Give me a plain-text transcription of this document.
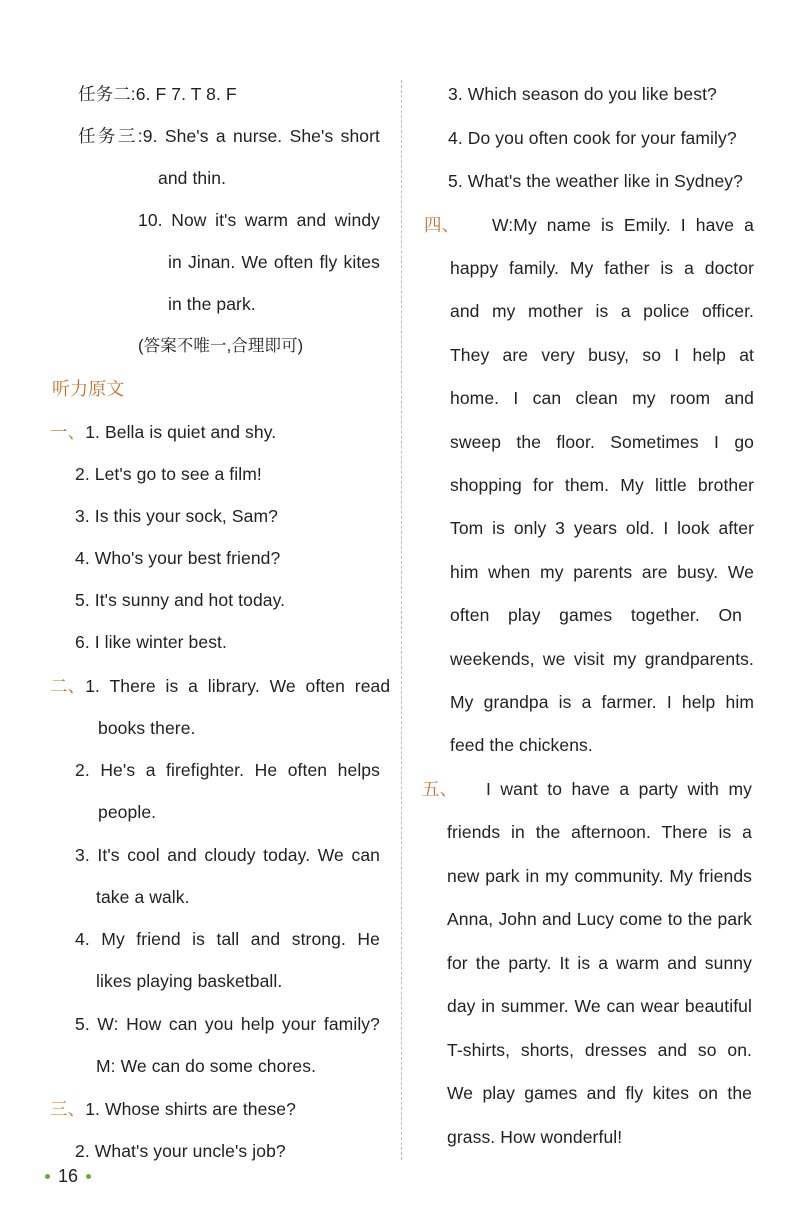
任务二:6. F 7. T 8. F
任务三:9. She's a nurse. She's short
and thin.
10. Now it's warm and windy
in Jinan. We often fly kites
in the park.
(答案不唯一,合理即可)
听力原文
一、1. Bella is quiet and shy.
2. Let's go to see a film!
3. Is this your sock, Sam?
4. Who's your best friend?
5. It's sunny and hot today.
6. I like winter best.
二、1. There is a library. We often read
books there.
2. He's a firefighter. He often helps
people.
3. It's cool and cloudy today. We can
take a walk.
4. My friend is tall and strong. He
likes playing basketball.
5. W: How can you help your family?
M: We can do some chores.
三、1. Whose shirts are these?
2. What's your uncle's job?
3. Which season do you like best?
4. Do you often cook for your family?
5. What's the weather like in Sydney?
四、 W:My name is Emily. I have a
happy family. My father is a doctor
and my mother is a police officer.
They are very busy, so I help at
home. I can clean my room and
sweep the floor. Sometimes I go
shopping for them. My little brother
Tom is only 3 years old. I look after
him when my parents are busy. We
often play games together. On
weekends, we visit my grandparents.
My grandpa is a farmer. I help him
feed the chickens.
五、 I want to have a party with my
friends in the afternoon. There is a
new park in my community. My friends
Anna, John and Lucy come to the park
for the party. It is a warm and sunny
day in summer. We can wear beautiful
T-shirts, shorts, dresses and so on.
We play games and fly kites on the
grass. How wonderful!
16
